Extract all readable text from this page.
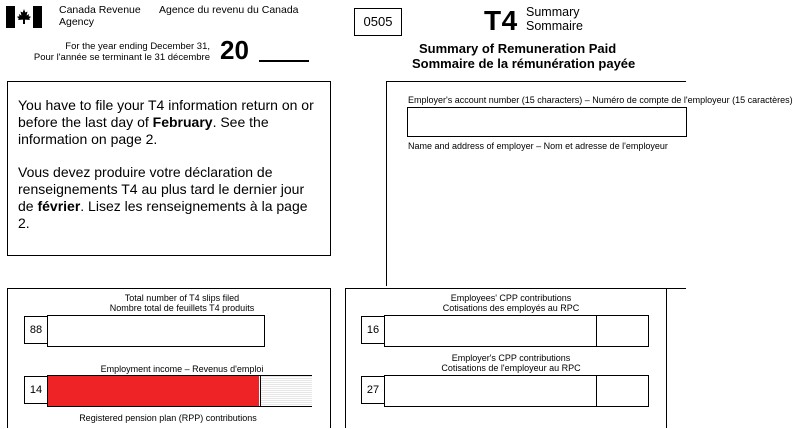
Canada Revenue Agency
Agence du revenu du Canada
0505	T4 Summary
Sommaire
For the year ending December 31,
Pour l'année se terminant le 31 décembre 20	Summary of Remuneration Paid
Sommaire de la rémunération payée

You have to file your T4 information return on or before the last day of February. See the information on page 2.

Vous devez produire votre déclaration de renseignements T4 au plus tard le dernier jour de février. Lisez les renseignements à la page 2.

Employer's account number (15 characters) – Numéro de compte de l'employeur (15 caractères)
Name and address of employer – Nom et adresse de l'employeur
Total number of T4 slips filed
Nombre total de feuillets T4 produits
88
Employment income – Revenus d'emploi
14
Registered pension plan (RPP) contributions
Employees' CPP contributions
Cotisations des employés au RPC
16
Employer's CPP contributions
Cotisations de l'employeur au RPC
27
